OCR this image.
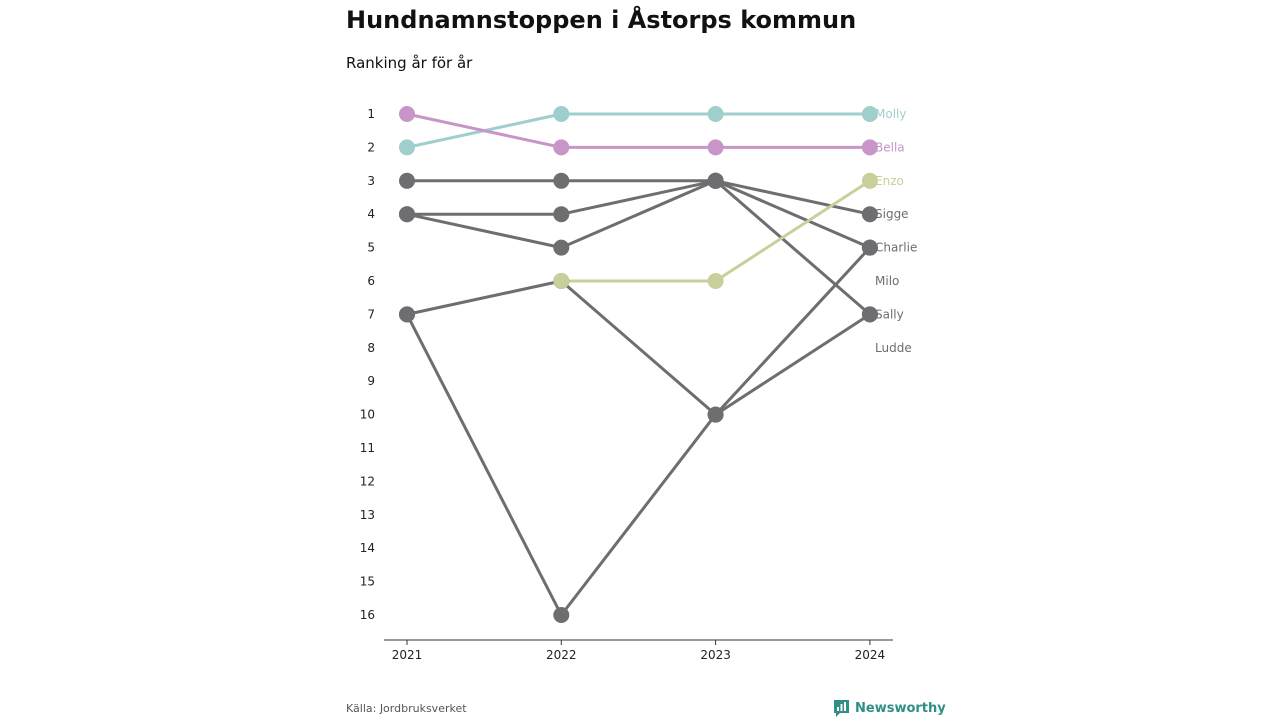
Hundnamnstoppen i Åstorps kommun
Ranking år för år
1
2
3
4
5
6
7
8
9
10
11
12
13
14
15
16
2021	2022	2023	2024
Molly
Bella
Enzo
Sigge
Charlie
Milo
Sally
Ludde
Källa: Jordbruksverket	Newsworthy
